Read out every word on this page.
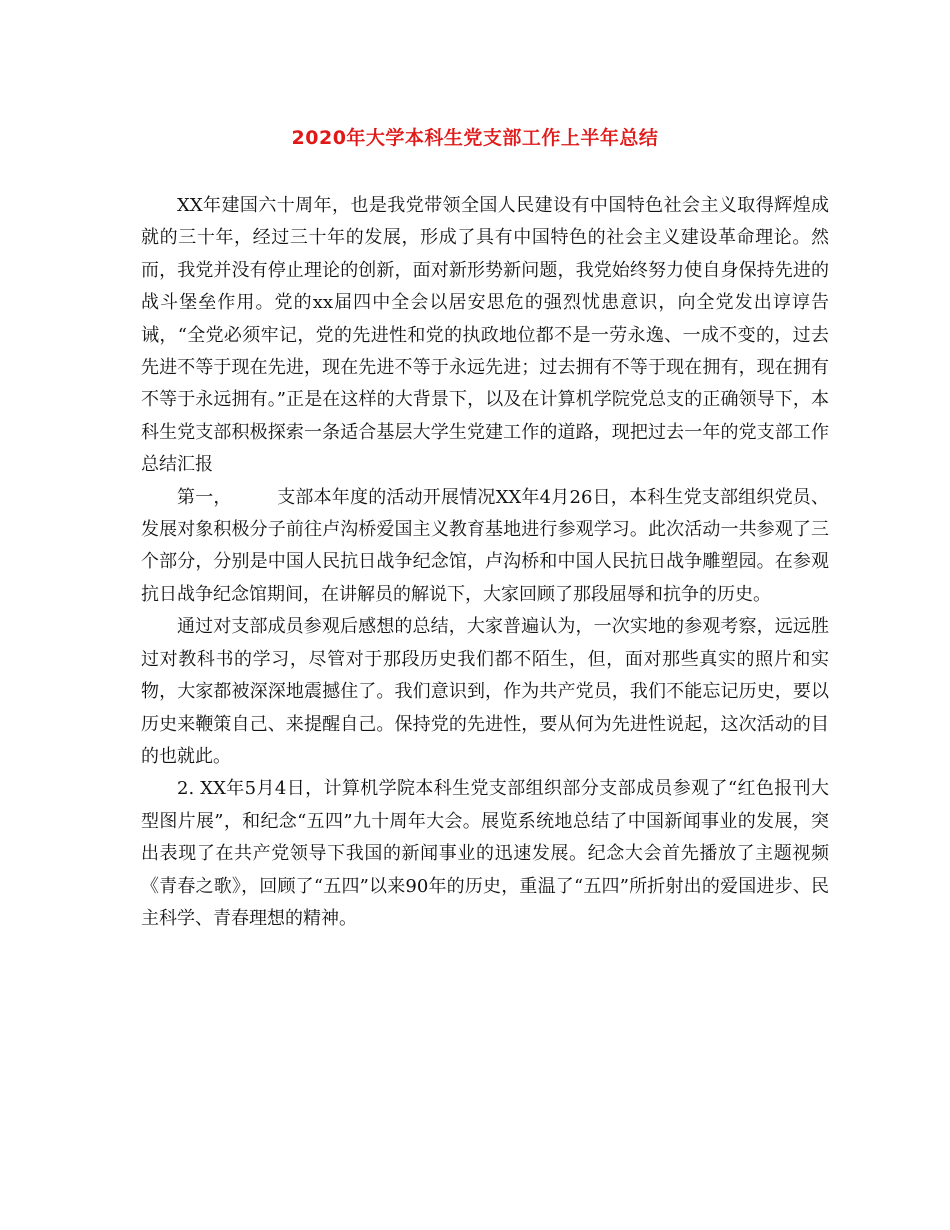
2020年大学本科生党支部工作上半年总结

XX年建国六十周年，也是我党带领全国人民建设有中国特色社会主义取得辉煌成就的三十年，经过三十年的发展，形成了具有中国特色的社会主义建设革命理论。然而，我党并没有停止理论的创新，面对新形势新问题，我党始终努力使自身保持先进的战斗堡垒作用。党的xx届四中全会以居安思危的强烈忧患意识，向全党发出谆谆告诫，“全党必须牢记，党的先进性和党的执政地位都不是一劳永逸、一成不变的，过去先进不等于现在先进，现在先进不等于永远先进；过去拥有不等于现在拥有，现在拥有不等于永远拥有。”正是在这样的大背景下，以及在计算机学院党总支的正确领导下，本科生党支部积极探索一条适合基层大学生党建工作的道路，现把过去一年的党支部工作总结汇报

第一，　　　支部本年度的活动开展情况XX年4月26日，本科生党支部组织党员、发展对象积极分子前往卢沟桥爱国主义教育基地进行参观学习。此次活动一共参观了三个部分，分别是中国人民抗日战争纪念馆，卢沟桥和中国人民抗日战争雕塑园。在参观抗日战争纪念馆期间，在讲解员的解说下，大家回顾了那段屈辱和抗争的历史。

通过对支部成员参观后感想的总结，大家普遍认为，一次实地的参观考察，远远胜过对教科书的学习，尽管对于那段历史我们都不陌生，但，面对那些真实的照片和实物，大家都被深深地震撼住了。我们意识到，作为共产党员，我们不能忘记历史，要以历史来鞭策自己、来提醒自己。保持党的先进性，要从何为先进性说起，这次活动的目的也就此。

2. XX年5月4日，计算机学院本科生党支部组织部分支部成员参观了“红色报刊大型图片展”，和纪念“五四”九十周年大会。展览系统地总结了中国新闻事业的发展，突出表现了在共产党领导下我国的新闻事业的迅速发展。纪念大会首先播放了主题视频《青春之歌》，回顾了“五四”以来90年的历史，重温了“五四”所折射出的爱国进步、民主科学、青春理想的精神。
